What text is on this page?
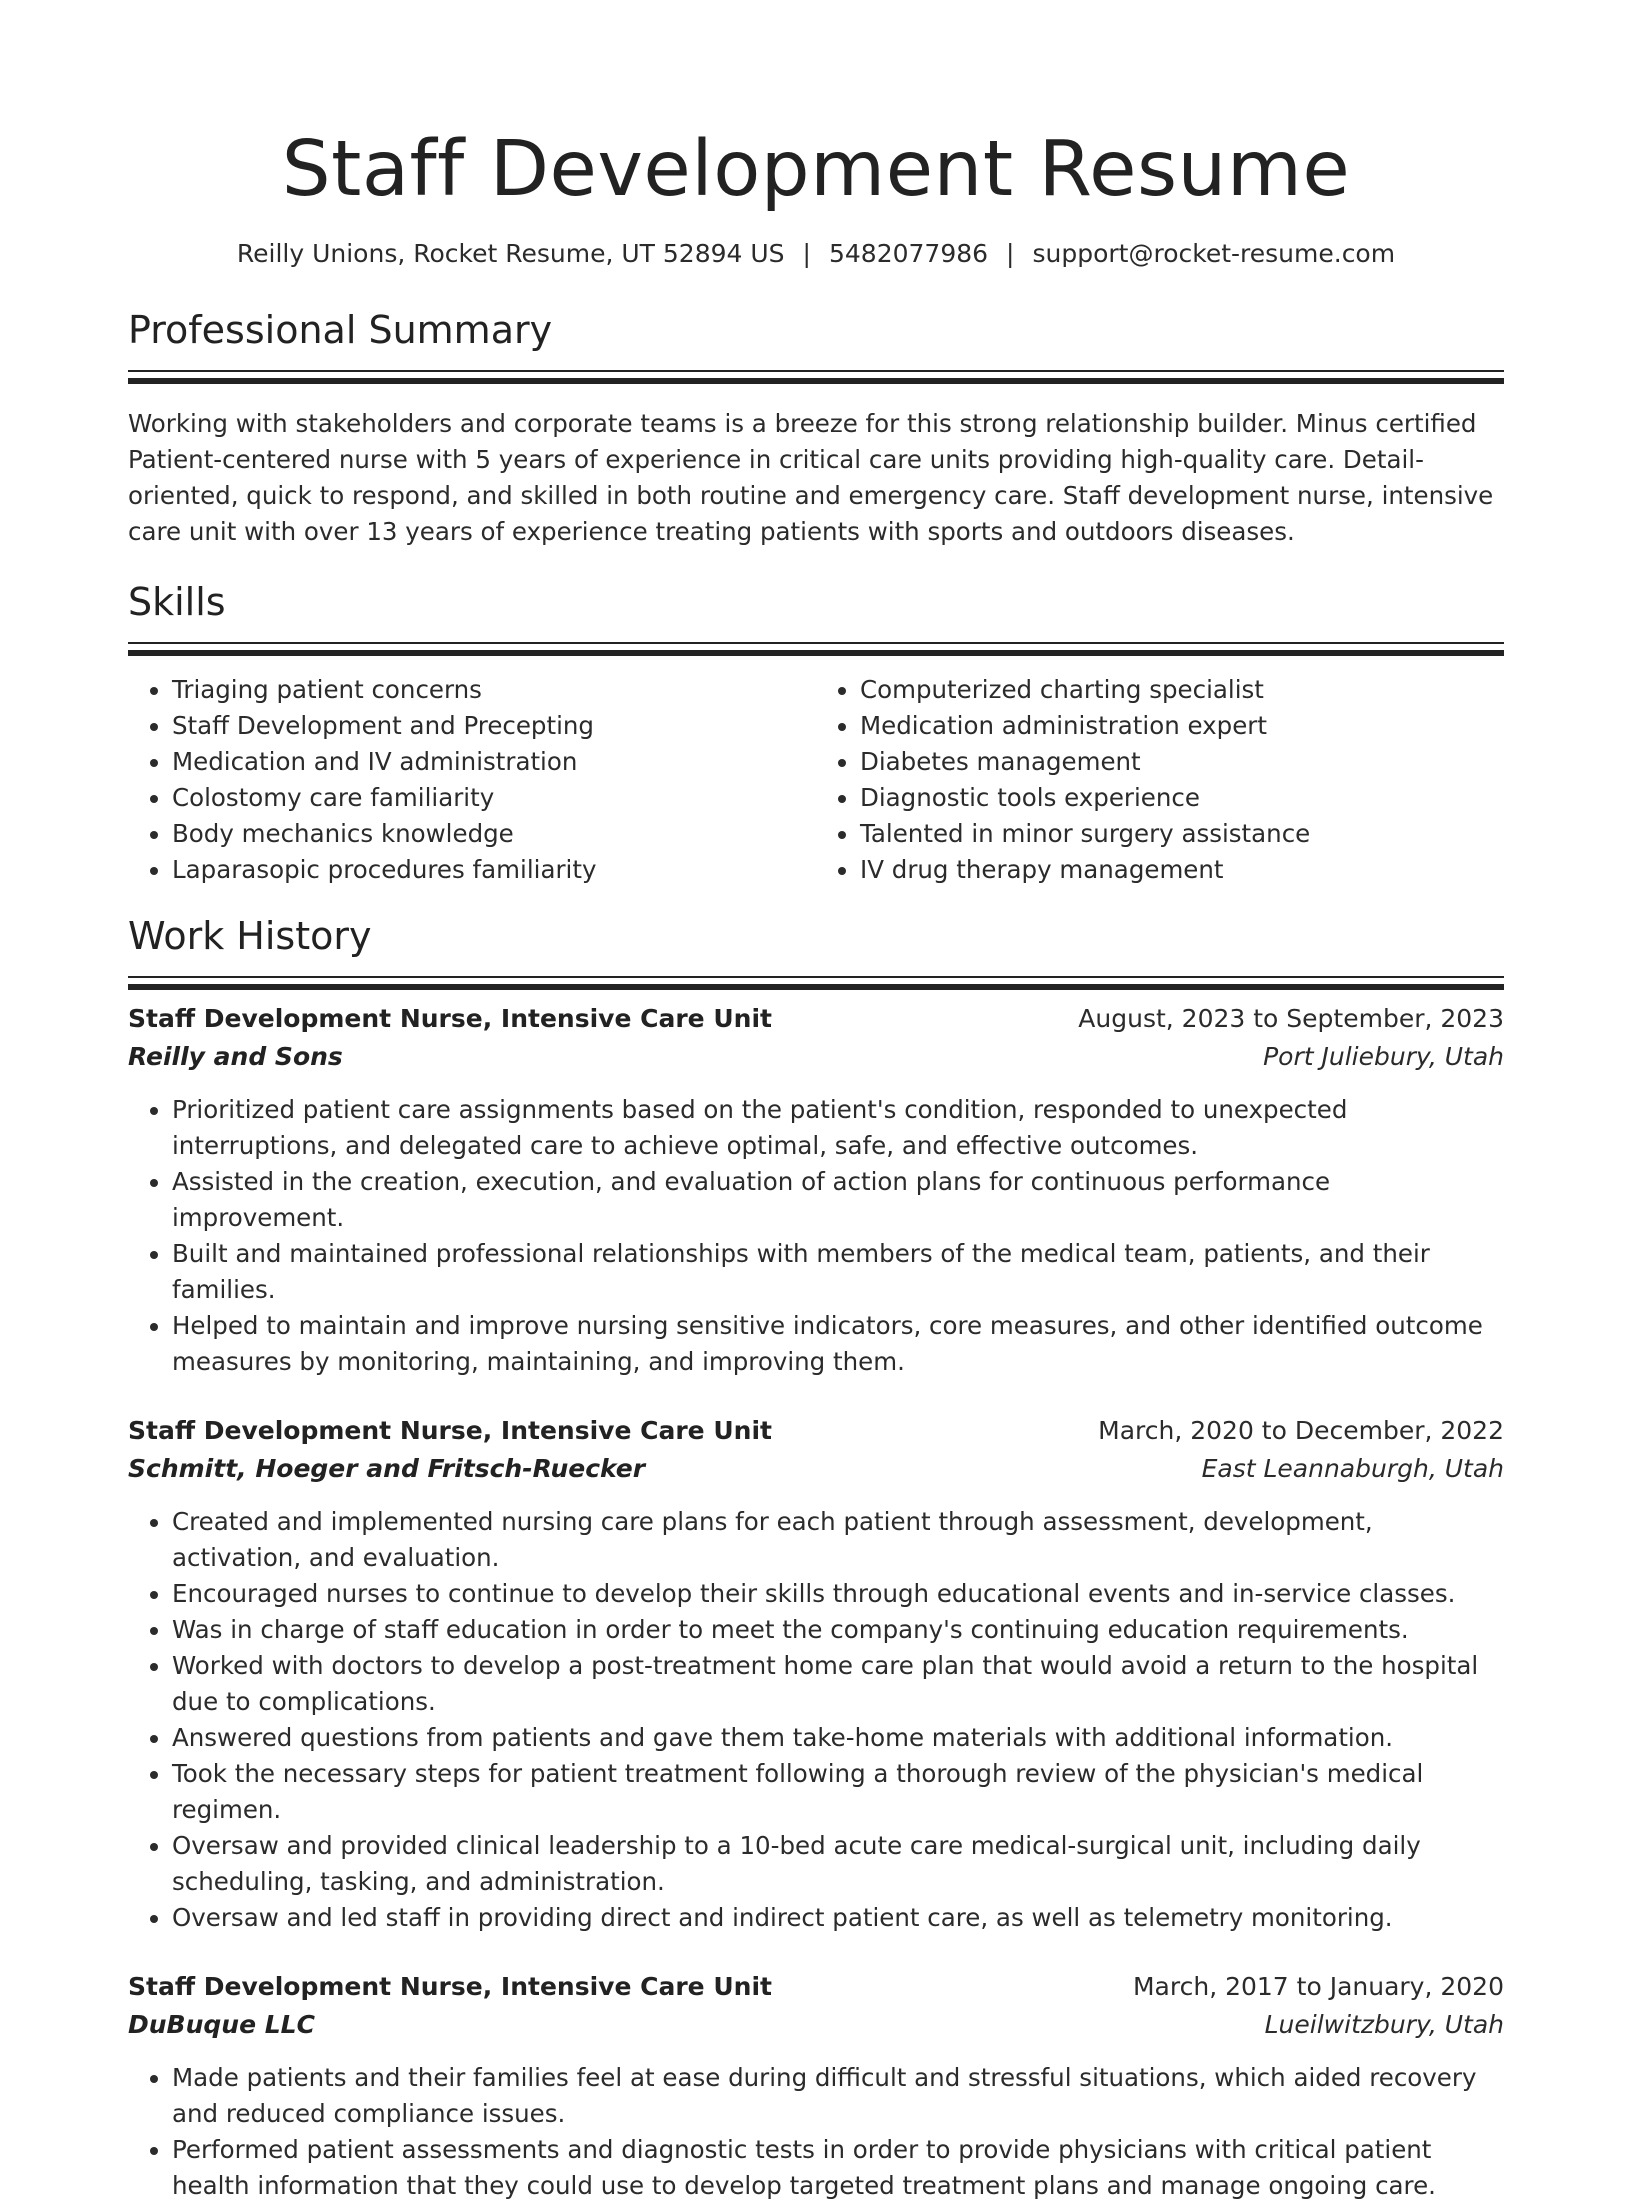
Staff Development Resume
Reilly Unions, Rocket Resume, UT 52894 US | 5482077986 | support@rocket-resume.com
Professional Summary

Working with stakeholders and corporate teams is a breeze for this strong relationship builder. Minus certified Patient-centered nurse with 5 years of experience in critical care units providing high-quality care. Detail-oriented, quick to respond, and skilled in both routine and emergency care. Staff development nurse, intensive care unit with over 13 years of experience treating patients with sports and outdoors diseases.

Skills
• Triaging patient concerns
• Staff Development and Precepting
• Medication and IV administration
• Colostomy care familiarity
• Body mechanics knowledge
• Laparasopic procedures familiarity
• Computerized charting specialist
• Medication administration expert
• Diabetes management
• Diagnostic tools experience
• Talented in minor surgery assistance
• IV drug therapy management
Work History
Staff Development Nurse, Intensive Care Unit	August, 2023 to September, 2023
Reilly and Sons	Port Juliebury, Utah
• Prioritized patient care assignments based on the patient's condition, responded to unexpected interruptions, and delegated care to achieve optimal, safe, and effective outcomes.
• Assisted in the creation, execution, and evaluation of action plans for continuous performance improvement.
• Built and maintained professional relationships with members of the medical team, patients, and their families.
• Helped to maintain and improve nursing sensitive indicators, core measures, and other identified outcome measures by monitoring, maintaining, and improving them.
Staff Development Nurse, Intensive Care Unit	March, 2020 to December, 2022
Schmitt, Hoeger and Fritsch-Ruecker	East Leannaburgh, Utah
• Created and implemented nursing care plans for each patient through assessment, development, activation, and evaluation.
• Encouraged nurses to continue to develop their skills through educational events and in-service classes.
• Was in charge of staff education in order to meet the company's continuing education requirements.
• Worked with doctors to develop a post-treatment home care plan that would avoid a return to the hospital due to complications.
• Answered questions from patients and gave them take-home materials with additional information.
• Took the necessary steps for patient treatment following a thorough review of the physician's medical regimen.
• Oversaw and provided clinical leadership to a 10-bed acute care medical-surgical unit, including daily scheduling, tasking, and administration.
• Oversaw and led staff in providing direct and indirect patient care, as well as telemetry monitoring.
Staff Development Nurse, Intensive Care Unit	March, 2017 to January, 2020
DuBuque LLC	Lueilwitzbury, Utah
• Made patients and their families feel at ease during difficult and stressful situations, which aided recovery and reduced compliance issues.
• Performed patient assessments and diagnostic tests in order to provide physicians with critical patient health information that they could use to develop targeted treatment plans and manage ongoing care.
